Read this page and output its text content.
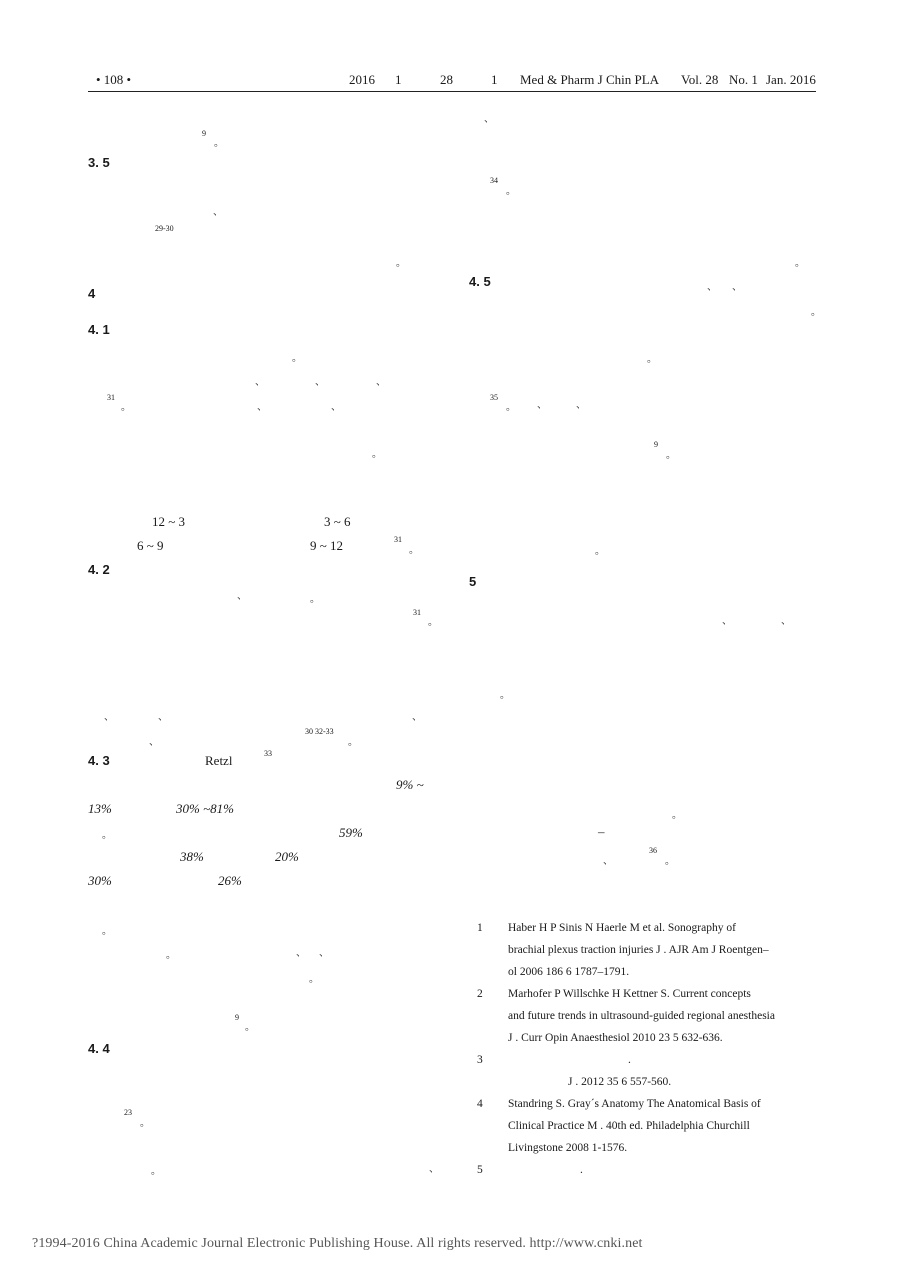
• 108 •	2016 1	28	1 Med & Pharm J Chin PLA Vol. 28 No. 1 Jan. 2016
9
。
3. 5
、
29-30
。
4
4. 1
。
、	、	、
31
。	、	、
。
12 ~ 3	3 ~ 6
6 ~ 9	9 ~ 12	31
。
4. 2
、	。
31
。
、	、	、
、
30 32-33
。
4. 3	Retzl	33
9% ~
13%	30% ~81%
。	59%
38%	20%
30%	26%
。
。	、 、
。
9
。
4. 4
23
。
。	、
、
34
。
。
4. 5	、 、
。
。
35
。 、	、
9
。
。
5
、	、
。
。
–
、
36
。
1 Haber H P Sinis N Haerle M et al. Sonography of
brachial plexus traction injuries J . AJR Am J Roentgen–
ol 2006 186 6 1787–1791.
2 Marhofer P Willschke H Kettner S. Current concepts
and future trends in ultrasound-guided regional anesthesia
J . Curr Opin Anaesthesiol 2010 23 5 632-636.
3	.
J . 2012 35 6 557-560.
4 Standring S. Gray´s Anatomy The Anatomical Basis of
Clinical Practice M . 40th ed. Philadelphia Churchill
Livingstone 2008 1-1576.
5	.
?1994-2016 China Academic Journal Electronic Publishing House. All rights reserved. http://www.cnki.net
